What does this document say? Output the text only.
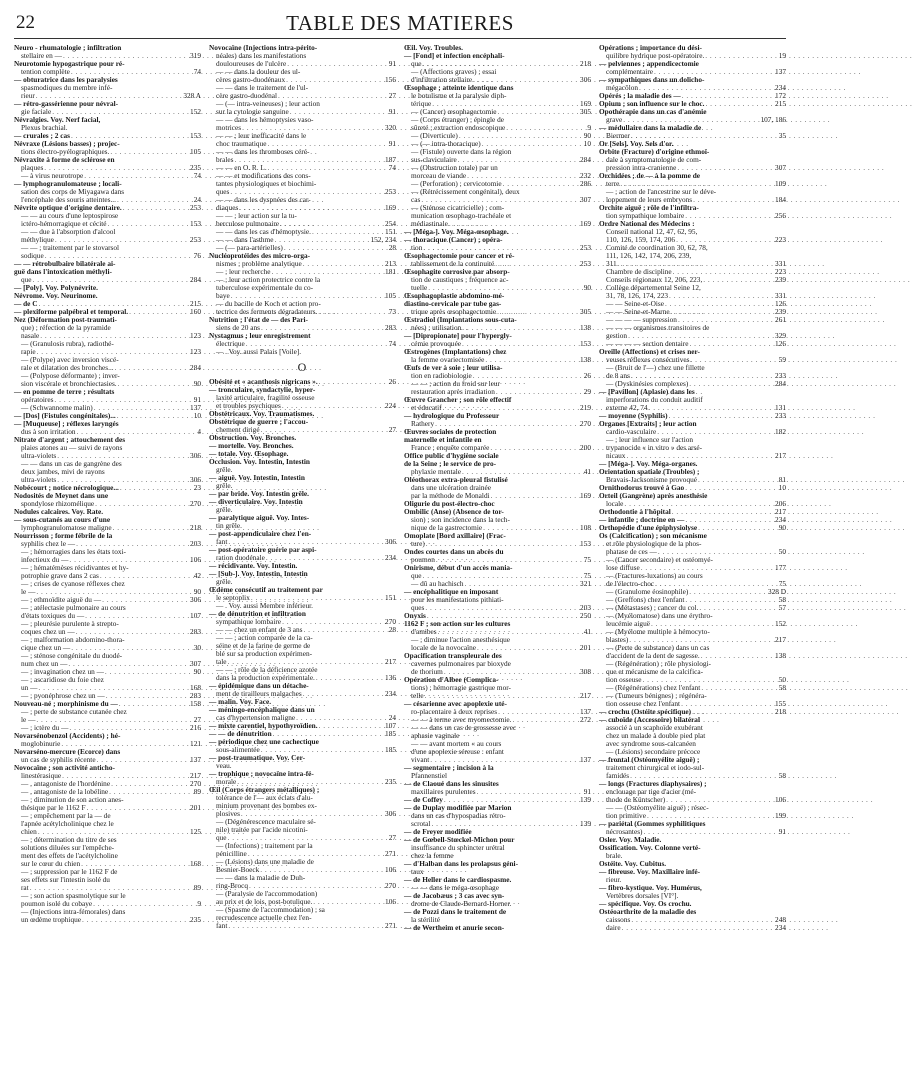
22	TABLE DES MATIERES
Neuro - rhumatologie ; infiltration
stellaire en — . . .	319
Neurotomie hypogastrique pour ré-
tention complète . . .	74
— obturatrice dans les paralysies
spasmodiques du membre infé-
rieur . . .	328 A
— rétro-gassérienne pour névral-
gie faciale . . .	152
Névralgies. Voy. Nerf facial,
Plexus brachial.
— crurales ; 2 cas . . .	153
Névraxe (Lésions basses) ; projec-
tions électro-pyélographiques. . . .	105
Névraxite à forme de sclérose en
plaques . . .	235
— à virus neurotrope . . .	74
— lymphogranulomateuse ; locali-
sation des corps de Miyagawa dans
l'encéphale des souris atteintes... . . .	24
Névrite optique d'origine dentaire. . . .	253
— — au cours d'une leptospirose
ictéro-hémorragique et cécité . . .	153
— — due à l'absorption d'alcool
méthylique . . .	253
— — ; traitement par le stovarsol
sodique . . .	76
— — rétrobulbaire bilatérale ai-
guë dans l'intoxication méthyli-
que . . .	284
— [Poly]. Voy. Polynévrite.
Névrome. Voy. Neurinome.
— de C . . .	215
— plexiforme palpébral et temporal. . . .	160
Nez (Déformation post-traumati-
que) ; réfection de la pyramide
nasale . . .	123
— (Granulosis rubra), radiothé-
rapie . . .	123
— (Polype) avec inversion viscé-
rale et dilatation des bronches... . . .	284
— (Polypose déformante) ; inver-
sion viscérale et bronchiectasies. . . .	90
— en pomme de terre ; résultats
opératoires . . .	91
— (Schwannome malin) . . .	137
— [Dos] (Fistules congénitales)... . . .	10
— [Muqueuse] ; réflexes laryngés
dus à son irritation . . .	4
Nitrate d'argent ; attouchement des
plaies atones au — suivi de rayons
ultra-violets . . .	306
— — dans un cas de gangrène des
deux jambes, mivi de rayons
ultra-violets . . .	306
Nobécourt ; notice nécrologique... . . .	23
Nodosités de Meynet dans une
spondylose rhizomélique . . .	270
Nodules calcaires. Voy. Rate.
— sous-cutanés au cours d'une
lymphogranulomatose maligne . . .	218
Nourrisson ; forme fébrile de la
syphilis chez le — . . .	203
— ; hémorragies dans les états toxi-
infectieux du — . . .	106
— ; hématémèses récidivantes et hy-
potrophie grave dans 2 cas . . .	42
— ; crises de cyanose réflexes chez
le — . . .	90
— ; ethmoïdite aiguë du — . . .	306
— ; atélectasie pulmonaire au cours
d'états toxiques du — . . .	107
— ; pleurésie purulente à strepto-
coques chez un — . . .	283
— ; malformation abdomino-thora-
cique chez un — . . .	30
— ; sténose congénitale du duodé-
num chez un — . . .	307
— ; invagination chez un — . . .	90
— ; ascaridiose du foie chez
un — . . .	168
— ; pyonéphrose chez un — . . .	283
Nouveau-né ; morphinisme du — . . .	158
— ; perte de substance cutanée chez
le — . . .	27
— ; ictère du — . . .	216
Novarsénobenzol (Accidents) ; hé-
moglobinurie . . .	121
Novarséno-mercure (Ecorce) dans
un cas de syphilis récente . . .	137
Novocaïne ; son activité anticho-
linestérasique . . .	217
— , antagoniste de l'hordénine . . .	270
— , antagoniste de la lobéline . . .	89
— ; diminution de son action anes-
thésique par le 1162 F . . .	201
— ; empêchement par la — de
l'apnée acétylcholinique chez le
chien . . .	125
— ; détermination du titre de ses
solutions diluées sur l'empêche-
ment des effets de l'acétylcholine
sur le cœur du chien . . .	168
— ; suppression par le 1162 F de
ses effets sur l'intestin isolé du
rat . . .	89
— ; son action spasmolytique sur le
poumon isolé du cobaye . . .	9
— (Injections intra-fémorales) dans
un œdème trophique . . .	235
Novocaïne (Injections intra-périto-
néales) dans les manifestations
douloureuses de l'ulcère . . .	91
— — dans la douleur des ul-
cères gastro-duodénaux . . .	156
— — dans le traitement de l'ul-
cère gastro-duodénal . . .	27
— (— intra-veineuses) ; leur action
sur la cytologie sanguine . . .	91
— — dans les hémoptysies vaso-
motrices . . .	320
— — ; leur inefficacité dans le
choc traumatique . . .	91
— — dans les thromboses céré-
brales . . .	187
— — en O. R. L. . . .	74
— — et modifications des cons-
tantes physiologiques et biochimi-
ques . . .	253
— — dans les dyspnées des car-
diaques . . .	169
— — ; leur action sur la tu-
berculose pulmonaire . . .	254
— — dans les cas d'hémoptysie. . . .	151
— — dans l'asthme . . .	152, 234
— (— para-artérielles) . . .	28
Nucléoprotéides des micro-orga-
nismes ; problème analytique . . .	213
— ; leur recherche . . .	181
— ; leur action protectrice contre la
tuberculose expérimentale du co-
baye . . .	105
— du bacille de Koch et action pro-
tectrice des ferments dégradateurs. . . .	73
Nutrition ; l'état de — des Pari-
siens de 20 ans . . .	283
Nystagmus ; leur enregistrement
électrique . . .	74
— . Voy. aussi Palais [Voile].
O
Obésité et « acanthosis nigricans ». . . .	26
— tronculaire, syndactylie, hyper-
laxité articulaire, fragilité osseuse
et troubles psychiques . . .	224
Obstétricaux. Voy. Traumatismes.
Obstétrique de guerre ; l'accou-
chement dirigé . . .	27
Obstruction. Voy. Bronches.
— mortelle. Voy. Bronches.
— totale. Voy. Œsophage.
Occlusion. Voy. Intestin, Intestin
grêle.
— aiguë. Voy. Intestin, Intestin
grêle.
— par bride. Voy. Intestin grêle.
— diverticulaire. Voy. Intestin
grêle.
— paralytique aiguë. Voy. Intes-
tin grêle.
— post-appendiculaire chez l'en-
fant . . .	306
— post-opératoire guérie par aspi-
ration duodénale . . .	234
— récidivante. Voy. Intestin.
— [Sub-]. Voy. Intestin, Intestin
grêle.
Œdème consécutif au traitement par
le septoplix . . .	151
— . Voy. aussi Membre inférieur.
— de dénutrition et infiltration
sympathique lombaire . . .	270
— — chez un enfant de 3 ans . . .	28
— — ; action comparée de la ca-
séine et de la farine de germe de
blé sur sa production expérimen-
tale . . .	217
— — ; rôle de la déficience azotée
dans la production expérimentale. . . .	136
— épidémique dans un détache-
ment de tirailleurs malgaches . . .	234
— malin. Voy. Face.
— méningo-encéphalique dans un
cas d'hypertension maligne . . .	24
— mixte carentiel, hypothyroïdien. . . .	107
— — de dénutrition . . .	185
— périodique chez une cachectique
sous-alimentée . . .	185
— post-traumatique. Voy. Cer-
veau.
— trophique ; novocaïne intra-fé-
morale . . .	235
Œil (Corps étrangers métalliques) ;
tolérance de l'— aux éclats d'alu-
minium provenant des bombes ex-
plosives . . .	306
— (Dégénérescence maculaire sé-
nile) traitée par l'acide nicotini-
que . . .	27
— (Infections) ; traitement par la
pénicilline . . .	271
— (Lésions) dans une maladie de
Besnier-Boeck . . .	106
— — dans la maladie de Duh-
ring-Brocq . . .	270
— (Paralysie de l'accommodation)
au prix et de lois, post-botulique. . . .	106
— (Spasme de l'accommodation) ; sa
recrudescence actuelle chez l'en-
fant . . .	271
Œil. Voy. Troubles.
— [Fond] et infection encéphali-
que . . .	218
— (Affections graves) ; essai
d'infiltration stellaire . . .	306
Œsophage ; atteinte identique dans
le botulisme et la paralysie diph-
térique . . .	169
— (Cancer) œsophagectomie . . .	305
— (Corps étranger) ; épingle de
sûreté ; extraction endoscopique . . .	9
— (Diverticule) . . .	90
— (— intra-thoracique) . . .	10
— (Fistule) ouverte dans la région
sus-claviculaire . . .	284
— (Obstruction totale) par un
morceau de viande . . .	232
— (Perforation) ; cervicotomie . . .	286
— (Rétrécissement congénital), deux
cas . . .	307
— (Sténose cicatricielle) ; com-
munication œsophago-trachéale et
médiastinale . . .	169
— [Méga-]. Voy. Méga-œsophage.
— thoracique (Cancer) ; opéra-
tion . . .	253
Œsophagectomie pour cancer et ré-
tablissement de la continuité . . .	253
Œsophagite corrosive par absorp-
tion de caustiques ; fréquence ac-
tuelle . . .	90
Œsophagoplastie abdomino-mé-
diastino-cervicale par tube gas-
trique après œsophagectomie . . .	305
Œstradiol (Implantations sous-cuta-
nées) ; utilisation . . .	138
— [Dipropionate] pour l'hypergly-
cémie provoquée . . .	153
Œstrogènes (Implantations) chez
la femme ovariectomisée . . .	138
Œufs de ver à soie ; leur utilisa-
tion en radiobiologie . . .	26
— — ; action du froid sur leur
restauration après irradiation . . .	29
Œuvre Grancher ; son rôle effectif
et éducatif . . .	219
— hydrologique du Professeur
Rathery . . .	270
Œuvres sociales de protection
maternelle et infantile en
France ; enquête comparée . . .	200
Office public d'hygiène sociale
de la Seine ; le service de pro-
phylaxie mentale . . .	41
Oléothorax extra-pleural fistulisé
dans une ulcération drainée
par la méthode de Monaldi . . .	169
Oligurie du post-électro-choc
Ombilic (Anse) (Absence de tor-
sion) ; son incidence dans la tech-
nique de la gastrectomie . . .	108
Omoplate [Bord axillaire] (Frac-
ture) . . .	153
Ondes courtes dans un abcès du
poumon . . .	75
Onirisme, début d'un accès mania-
que . . .	75
— dû au hachisch . . .	321
— encéphalitique en imposant
pour les manifestations pithiati-
ques . . .	203
Onyxis . . .	250
1162 F ; son action sur les cultures
d'amibes . . .	41
— ; diminue l'action anesthésique
locale de la novocaïne . . .	201
Opacification transpleurale des
cavernes pulmonaires par bioxyde
de thorium . . .	308
Opération d'Albee (Complica-
tions) ; hémorragie gastrique mor-
telle . . .	217
— césarienne avec apoplexie uté-
ro-placentaire à deux reprises . . .	137
— — à terme avec myomectomie. . . .	272
— — dans un cas de grossesse avec
aphasie vaginale
— — avant mortem « au cours
d'une apoplexie séreuse : enfant
vivant . . .	137
— segmentaire ; incision à la
Pfannenstiel
— de Claoué dans les sinusites
maxillaires purulentes . . .	91
— de Coffey . . .	139
— de Duplay modifiée par Marion
dans un cas d'hypospadias rétro-
scrotal . . .	139
— de Freyer modifiée
— de Gœbell-Stœckel-Michon pour
insuffisance du sphincter urétral
chez la femme
— d'Halban dans les prolapsus géni-
taux
— de Heller dans le cardiospasme.
— — dans le méga-œsophage
— de Jacobæus ; 3 cas avec syn-
drome de Claude-Bernard-Horner.
— de Pozzi dans le traitement de
la stérilité
— de Wertheim et anurie secon-
Opérations ; importance du dési-
quilibre hydrique post-opératoire. . . .	19
— pelviennes ; appendicectomie
complémentaire . . .	137
— sympathiques dans un dolicho-
mégacôlon . . .	234
Opérés ; la maladie des — . . .	172
Opium ; son influence sur le choc. . . .	215
Opothérapie dans un cas d'anémie
grave . . .	107, 186
— médullaire dans la maladie de
Biermer . . .	35
Or [Sels]. Voy. Sels d'or.
Orbite (Fracture) d'origine ethmoï-
dale à symptomatologie de com-
pression intra-cranienne . . .	307
Orchidées ; de — à la pomme de
terre . . .	109
— ; action de l'ancestrine sur le déve-
loppement de leurs embryons . . .	184
Orchite aiguë ; rôle de l'infiltra-
tion sympathique lombaire . . .	256
Ordre National des Médecins :
Conseil national 12, 47, 62, 95,
110, 126, 159, 174, 206 . . .	223
Comité de coordination 30, 62, 78,
111, 126, 142, 174, 206, 239,
311 . . .	331
Chambre de discipline . . .	223
Conseils régionaux 12, 206, 223, . . .	239
Collège départemental Seine 12,
31, 78, 126, 174, 223 . . .	331
— — Seine-et-Oise . . .	126
— — Seine-et-Marne . . .	239
— — — — suppression . . .	261
— — — organismes transitoires de
gestion . . .	329
— — — — section dentaire . . .	126
Oreille (Affections) et crises ner-
veuses réflexes consécutives . . .	59
— (Bruit de l'—) chez une fillette
de 8 ans . . .	233
— (Dyskinésies complexes) . . .	284
— [Pavillon] (Aplasie) dans les
imperforations du conduit auditif
externe 42, 74 . . .	131
— moyenne (Syphilis) . . .	233
Organes [Extraits] ; leur action
cardio-vasculaire . . .	182
— ; leur influence sur l'action
trypanocide « in vitro » des arsé-
nicaux . . .	217
— [Méga-]. Voy. Méga-organes.
Orientation spatiale (Troubles) ;
Bravais-Jacksonisme provoqué . . .	81
Ornithodorus trouvé à Gao . . .	10
Orteil (Gangrène) après anesthésie
locale . . .	206
Orthodontie à l'hôpital . . .	217
— infantile ; doctrine en — . . .	234
Orthopédie d'une épiphysiolyse . . .	90
Os (Calcification) ; son mécanisme
et rôle physiologique de la phos-
phatase de ces — . . .	50
— (Cancer secondaire) et ostéomyé-
lose diffuse . . .	177
— (Fractures-luxations) au cours
de l'électro-choc . . .	75
— (Granulome éosinophile) . . .	328 D
— (Greffons) chez l'enfant . . .	58
— (Métastases) ; cancer du col. . . .	57
— (Myélomatose) dans une érythro-
leucémie aiguë . . .	152
— (Myélome multiple à hémocyto-
blastes) . . .	217
— (Perte de substance) dans un cas
d'accident de la dent de sagesse. . . .	138
— (Régénération) ; rôle physiologi-
que et mécanisme de la calcifica-
tion osseuse . . .	50
— (Régénérations) chez l'enfant . . .	58
— (Tumeurs bénignes) ; régénéra-
tion osseuse chez l'enfant . . .	155
— crochu (Ostéite spécifique) . . .	218
— cuboïde (Accessoire) bilatéral
associé à un scaphoïde exubérant
chez un malade à double pied plat
avec syndrome sous-calcanéen
— (Lésions) secondaire précoce
— frontal (Ostéomyélite aiguë) ;
traitement chirurgical et iodo-sul-
famidés . . .	58
— longs (Fractures diaphysaires) ;
enclouage par tige d'acier (mé-
thode de Küntscher) . . .	106
— — (Ostéomyélite aiguë) ; résec-
tion primitive . . .	199
— pariétal (Gommes syphilitiques
nécrosantes) . . .	91
Osler. Voy. Maladie.
Ossification. Voy. Colonne verté-
brale.
Ostéite. Voy. Cubitus.
— fibreuse. Voy. Maxillaire infé-
rieur.
— fibro-kystique. Voy. Humérus,
Vertèbres dorsales [VI°].
— spécifique. Voy. Os crochu.
Ostéoarthrite de la maladie des
caissons . . .	248
daire . . .	234
